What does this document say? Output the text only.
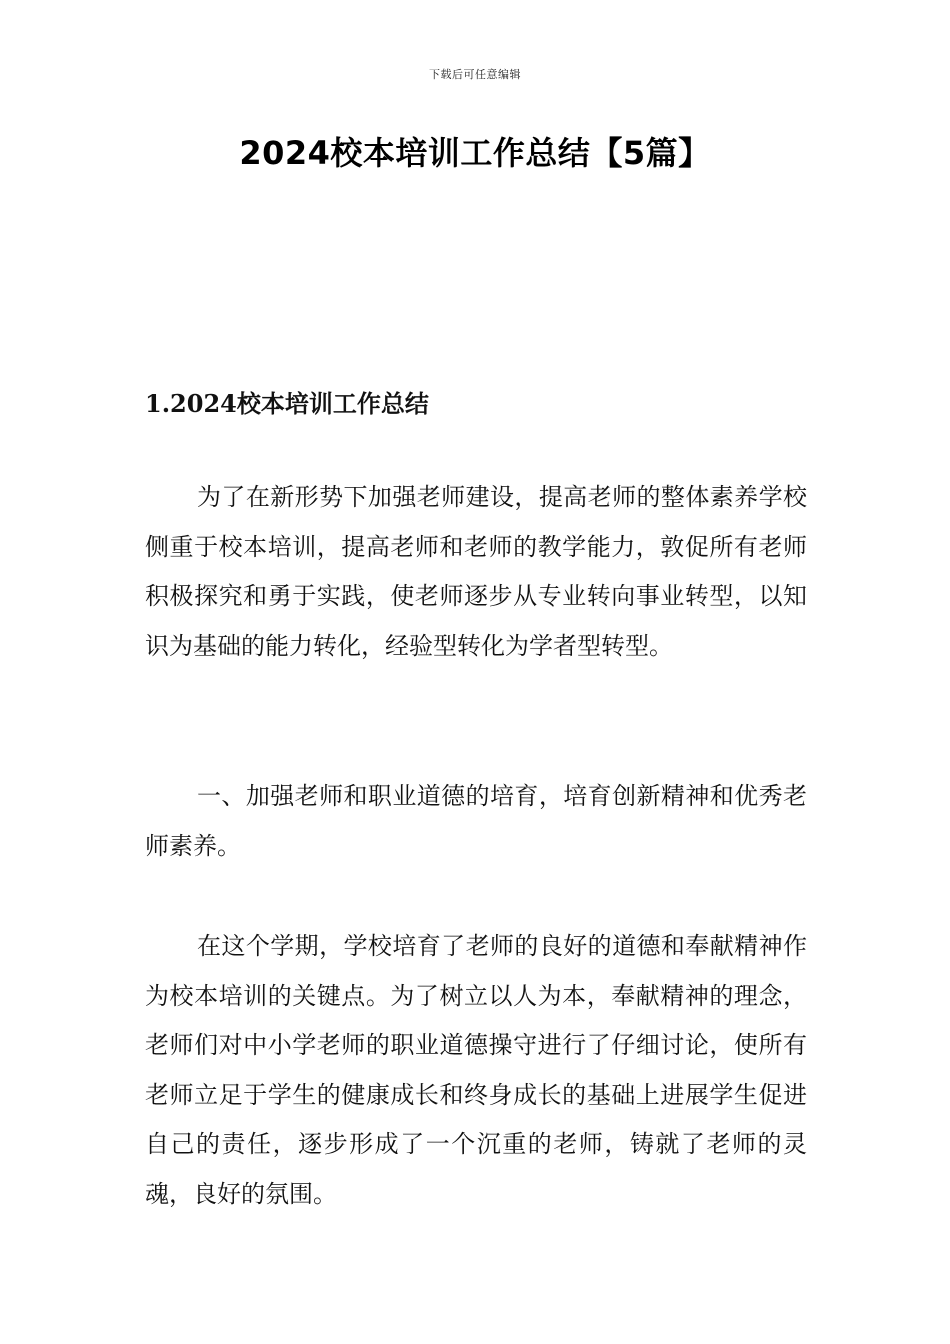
下载后可任意编辑
2024校本培训工作总结【5篇】
1.2024校本培训工作总结

为了在新形势下加强老师建设，提高老师的整体素养学校侧重于校本培训，提高老师和老师的教学能力，敦促所有老师积极探究和勇于实践，使老师逐步从专业转向事业转型，以知识为基础的能力转化，经验型转化为学者型转型。

一、加强老师和职业道德的培育，培育创新精神和优秀老师素养。

在这个学期，学校培育了老师的良好的道德和奉献精神作为校本培训的关键点。为了树立以人为本，奉献精神的理念，老师们对中小学老师的职业道德操守进行了仔细讨论，使所有老师立足于学生的健康成长和终身成长的基础上进展学生促进自己的责任，逐步形成了一个沉重的老师，铸就了老师的灵魂，良好的氛围。
